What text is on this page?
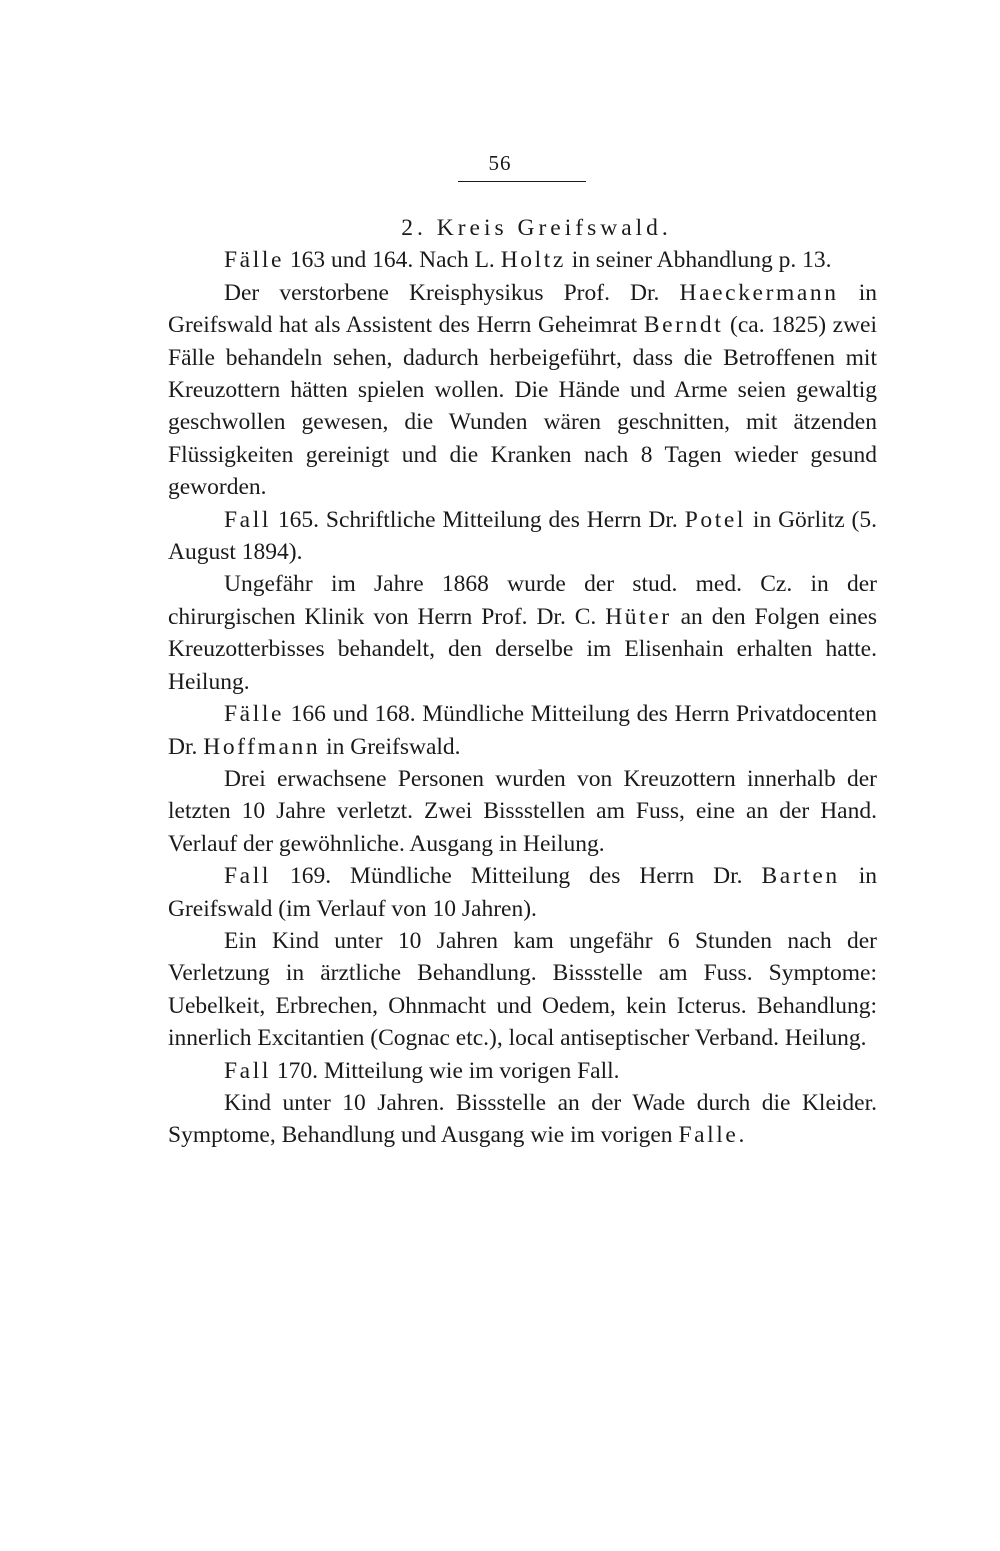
56

2. Kreis Greifswald.

Fälle 163 und 164. Nach L. Holtz in seiner Abhandlung p. 13.

Der verstorbene Kreisphysikus Prof. Dr. Haeckermann in Greifswald hat als Assistent des Herrn Geheimrat Berndt (ca. 1825) zwei Fälle behandeln sehen, dadurch herbeigeführt, dass die Betroffenen mit Kreuzottern hätten spielen wollen. Die Hände und Arme seien gewaltig geschwollen gewesen, die Wunden wären geschnitten, mit ätzenden Flüssigkeiten gereinigt und die Kranken nach 8 Tagen wieder gesund geworden.

Fall 165. Schriftliche Mitteilung des Herrn Dr. Potel in Görlitz (5. August 1894).

Ungefähr im Jahre 1868 wurde der stud. med. Cz. in der chirurgischen Klinik von Herrn Prof. Dr. C. Hüter an den Folgen eines Kreuzotterbisses behandelt, den derselbe im Elisenhain erhalten hatte. Heilung.

Fälle 166 und 168. Mündliche Mitteilung des Herrn Privatdocenten Dr. Hoffmann in Greifswald.

Drei erwachsene Personen wurden von Kreuzottern innerhalb der letzten 10 Jahre verletzt. Zwei Bissstellen am Fuss, eine an der Hand. Verlauf der gewöhnliche. Ausgang in Heilung.

Fall 169. Mündliche Mitteilung des Herrn Dr. Barten in Greifswald (im Verlauf von 10 Jahren).

Ein Kind unter 10 Jahren kam ungefähr 6 Stunden nach der Verletzung in ärztliche Behandlung. Bissstelle am Fuss. Symptome: Uebelkeit, Erbrechen, Ohnmacht und Oedem, kein Icterus. Behandlung: innerlich Excitantien (Cognac etc.), local antiseptischer Verband. Heilung.

Fall 170. Mitteilung wie im vorigen Fall.

Kind unter 10 Jahren. Bissstelle an der Wade durch die Kleider. Symptome, Behandlung und Ausgang wie im vorigen Falle.
